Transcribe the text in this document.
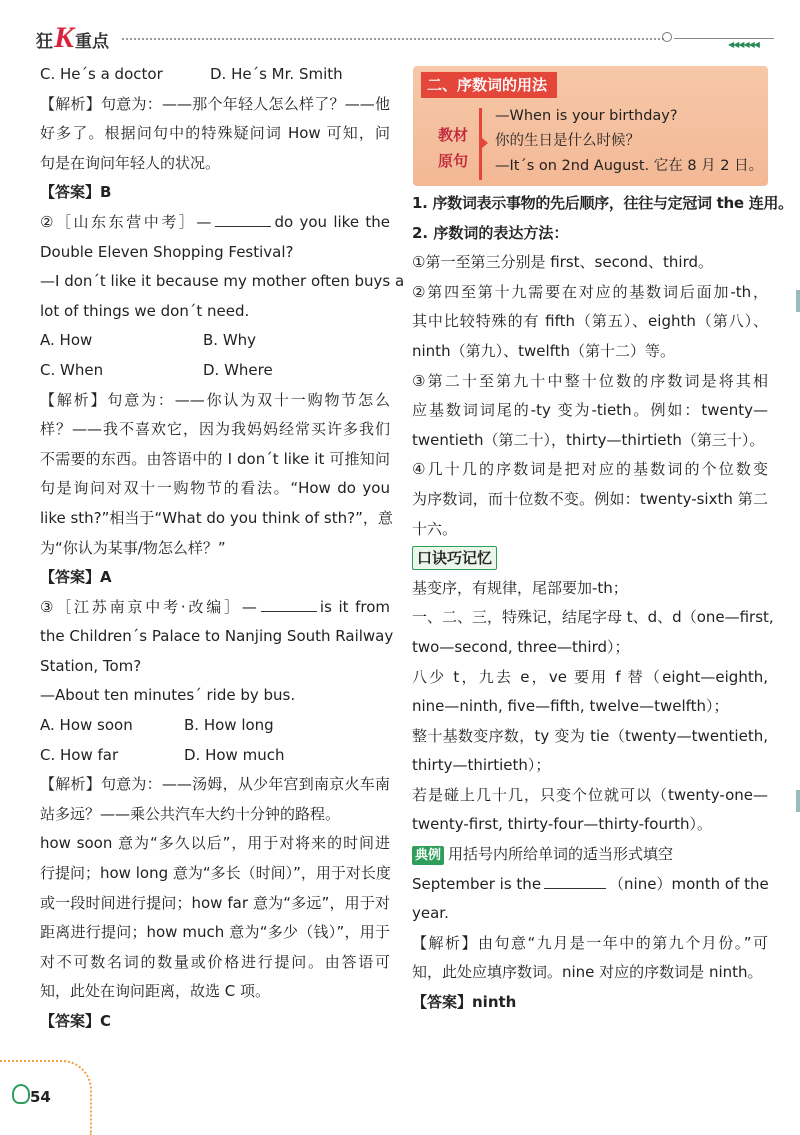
狂 K 重点	◀◀◀◀◀◀
C. He´s a doctor	D. He´s Mr. Smith
【解析】句意为：——那个年轻人怎么样了？——他
好多了。根据问句中的特殊疑问词 How 可知，问
句是在询问年轻人的状况。
【答案】B
②［山东东营中考］—	do you like the
Double Eleven Shopping Festival?
—I don´t like it because my mother often buys a
lot of things we don´t need.
A. How	B. Why
C. When	D. Where
【解析】句意为：——你认为双十一购物节怎么
样？——我不喜欢它，因为我妈妈经常买许多我们
不需要的东西。由答语中的 I don´t like it 可推知问
句是询问对双十一购物节的看法。“How do you
like sth?”相当于“What do you think of sth?”，意
为“你认为某事/物怎么样？”
【答案】A
③［江苏南京中考·改编］—	is it from
the Children´s Palace to Nanjing South Railway
Station, Tom?
—About ten minutes´ ride by bus.
A. How soon	B. How long
C. How far	D. How much
【解析】句意为：——汤姆，从少年宫到南京火车南
站多远？——乘公共汽车大约十分钟的路程。
how soon 意为“多久以后”，用于对将来的时间进
行提问；how long 意为“多长（时间）”，用于对长度
或一段时间进行提问；how far 意为“多远”，用于对
距离进行提问；how much 意为“多少（钱）”，用于
对不可数名词的数量或价格进行提问。由答语可
知，此处在询问距离，故选 C 项。
【答案】C
二、序数词的用法
教材
原句
—When is your birthday?
你的生日是什么时候？
—It´s on 2nd August. 它在 8 月 2 日。
1. 序数词表示事物的先后顺序，往往与定冠词 the 连用。
2. 序数词的表达方法：
①第一至第三分别是 first、second、third。
②第四至第十九需要在对应的基数词后面加-th，
其中比较特殊的有 fifth（第五）、eighth（第八）、
ninth（第九）、twelfth（第十二）等。
③第二十至第九十中整十位数的序数词是将其相
应基数词词尾的-ty 变为-tieth。例如：twenty—
twentieth（第二十），thirty—thirtieth（第三十）。
④几十几的序数词是把对应的基数词的个位数变
为序数词，而十位数不变。例如：twenty-sixth 第二
十六。
口诀巧记忆
基变序，有规律，尾部要加-th；
一、二、三，特殊记，结尾字母 t、d、d（one—first,
two—second, three—third）；
八少 t，九去 e，ve 要用 f 替（eight—eighth,
nine—ninth, five—fifth, twelve—twelfth）；
整十基数变序数，ty 变为 tie（twenty—twentieth,
thirty—thirtieth）；
若是碰上几十几，只变个位就可以（twenty-one—
twenty-first, thirty-four—thirty-fourth）。
典例 用括号内所给单词的适当形式填空
September is the	（nine）month of the
year.
【解析】由句意“九月是一年中的第九个月份。”可
知，此处应填序数词。nine 对应的序数词是 ninth。
【答案】ninth
54
